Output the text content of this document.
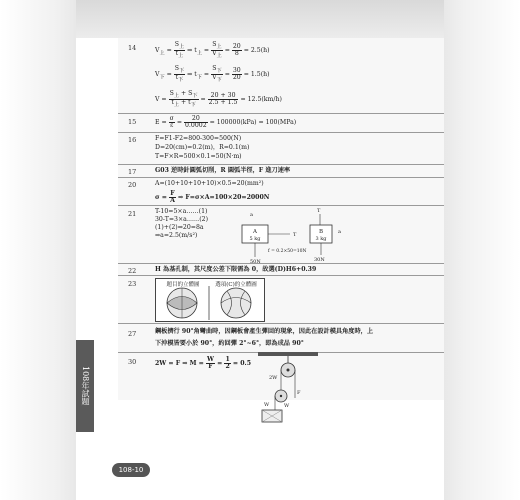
14	$V_上 = \frac{S_上}{t_上}$ ⇒ $t_上 = \frac{S_上}{V_上} = \frac{20}{8} = 2.5(h)$
$V_下 = \frac{S_下}{t_下}$ ⇒ $t_下 = \frac{S_下}{V_下} = \frac{30}{20} = 1.5(h)$
$V = \frac{S_上 + S_下}{t_上 + t_下} = \frac{20 + 30}{2.5 + 1.5} = 12.5(km/h)$
15	$E = \frac{\sigma}{\varepsilon} = \frac{20}{0.0002} = 100000(kPa) = 100(MPa)$
16	F=F1-F2=800-300=500(N)
D=20(cm)=0.2(m)，R=0.1(m)
T=F×R=500×0.1=50(N·m)
17	G03 逆時針圓弧切削，R 圓弧半徑，F 進刀速率
20	A=(10+10+10+10)×0.5=20(mm²)
$\sigma = \frac{F}{A}$ ⇒ F=σ×A=100×20=2000N
21	T-10=5×a……(1)
30-T=3×a……(2)
(1)+(2)⇒20=8a
⇒a=2.5(m/s²)
a
A
5 kg
50N
T
f = 0.2×50=10N
T
B
3 kg
30N
a
22	H 為基孔制，其尺度公差下限需為 0，故選(D)H6+0.39
23	題目的立體圖	選項(C)的立體圖
27	鋼板擠行 90°角彎曲時，因鋼板會產生彈回的現象，因此在設計模具角度時，上
下沖模皆要小於 90°，約回彈 2°~6°，即為成品 90°
30	2W = F ⇒ $M = \frac{W}{F} = \frac{1}{2} = 0.5$
2W
F
W
W
108年試題
108-10
